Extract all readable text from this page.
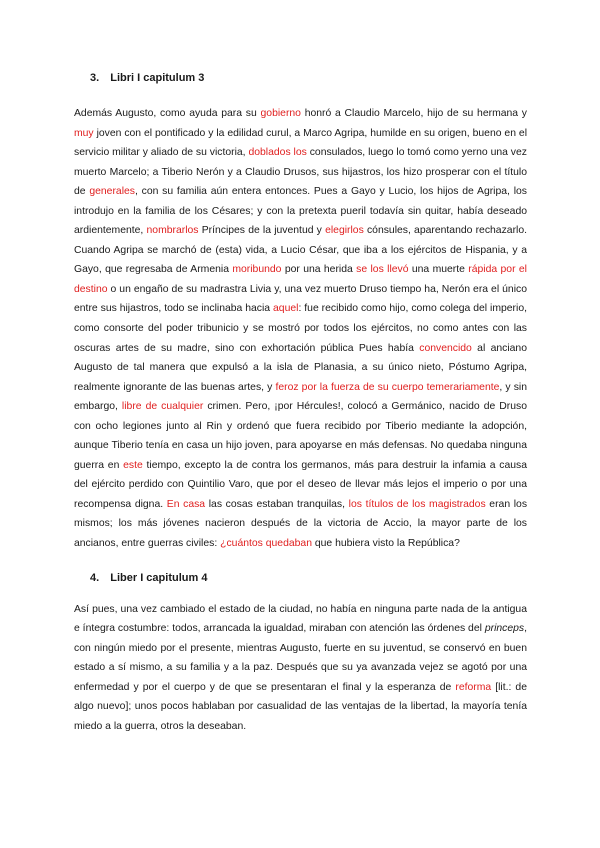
3. Libri I capitulum 3

Además Augusto, como ayuda para su gobierno honró a Claudio Marcelo, hijo de su hermana y muy joven con el pontificado y la edilidad curul, a Marco Agripa, humilde en su origen, bueno en el servicio militar y aliado de su victoria, doblados los consulados, luego lo tomó como yerno una vez muerto Marcelo; a Tiberio Nerón y a Claudio Drusos, sus hijastros, los hizo prosperar con el título de generales, con su familia aún entera entonces. Pues a Gayo y Lucio, los hijos de Agripa, los introdujo en la familia de los Césares; y con la pretexta pueril todavía sin quitar, había deseado ardientemente, nombrarlos Príncipes de la juventud y elegirlos cónsules, aparentando rechazarlo. Cuando Agripa se marchó de (esta) vida, a Lucio César, que iba a los ejércitos de Hispania, y a Gayo, que regresaba de Armenia moribundo por una herida se los llevó una muerte rápida por el destino o un engaño de su madrastra Livia y, una vez muerto Druso tiempo ha, Nerón era el único entre sus hijastros, todo se inclinaba hacia aquel: fue recibido como hijo, como colega del imperio, como consorte del poder tribunicio y se mostró por todos los ejércitos, no como antes con las oscuras artes de su madre, sino con exhortación pública Pues había convencido al anciano Augusto de tal manera que expulsó a la isla de Planasia, a su único nieto, Póstumo Agripa, realmente ignorante de las buenas artes, y feroz por la fuerza de su cuerpo temerariamente, y sin embargo, libre de cualquier crimen. Pero, ¡por Hércules!, colocó a Germánico, nacido de Druso con ocho legiones junto al Rin y ordenó que fuera recibido por Tiberio mediante la adopción, aunque Tiberio tenía en casa un hijo joven, para apoyarse en más defensas. No quedaba ninguna guerra en este tiempo, excepto la de contra los germanos, más para destruir la infamia a causa del ejército perdido con Quintilio Varo, que por el deseo de llevar más lejos el imperio o por una recompensa digna. En casa las cosas estaban tranquilas, los títulos de los magistrados eran los mismos; los más jóvenes nacieron después de la victoria de Accio, la mayor parte de los ancianos, entre guerras civiles: ¿cuántos quedaban que hubiera visto la República?

4. Liber I capitulum 4

Así pues, una vez cambiado el estado de la ciudad, no había en ninguna parte nada de la antigua e íntegra costumbre: todos, arrancada la igualdad, miraban con atención las órdenes del princeps, con ningún miedo por el presente, mientras Augusto, fuerte en su juventud, se conservó en buen estado a sí mismo, a su familia y a la paz. Después que su ya avanzada vejez se agotó por una enfermedad y por el cuerpo y de que se presentaran el final y la esperanza de reforma [lit.: de algo nuevo]; unos pocos hablaban por casualidad de las ventajas de la libertad, la mayoría tenía miedo a la guerra, otros la deseaban.
